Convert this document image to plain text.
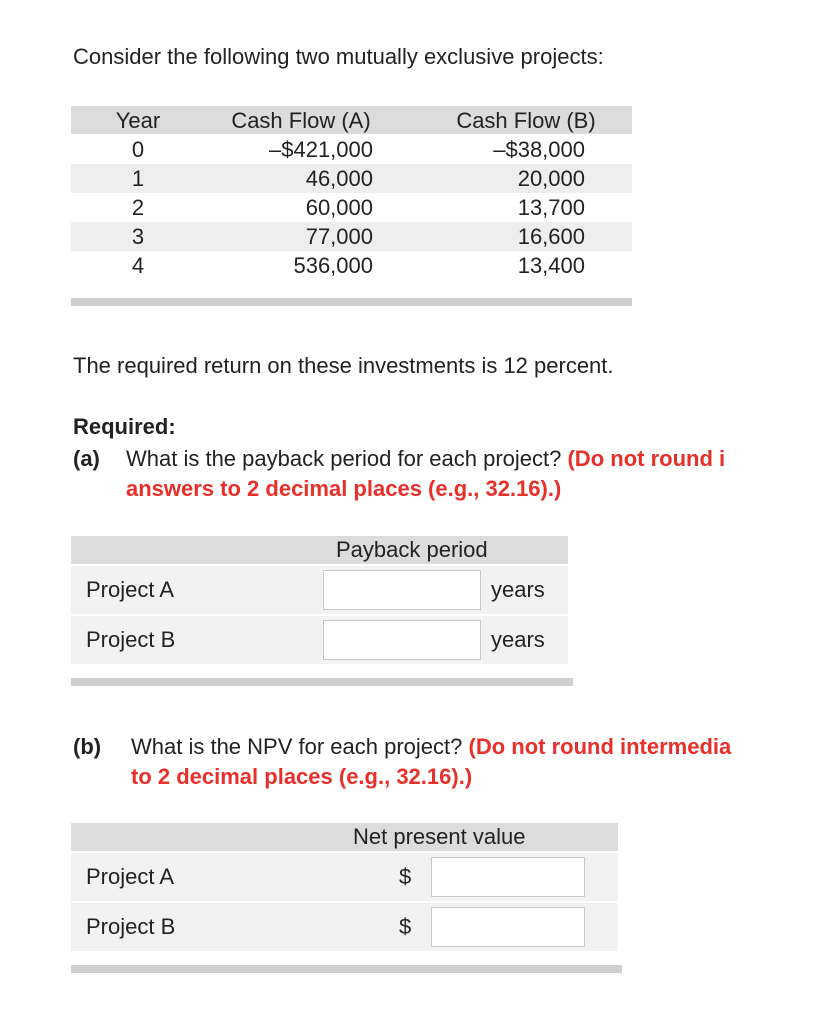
Consider the following two mutually exclusive projects:
Year	Cash Flow (A)	Cash Flow (B)
0	–$421,000	–$38,000
1	46,000	20,000
2	60,000	13,700
3	77,000	16,600
4	536,000	13,400
The required return on these investments is 12 percent.
Required:
(a) What is the payback period for each project? (Do not round i
answers to 2 decimal places (e.g., 32.16).)
Payback period
Project A	years
Project B	years
(b) What is the NPV for each project? (Do not round intermedia
to 2 decimal places (e.g., 32.16).)
Net present value
Project A	$
Project B	$
